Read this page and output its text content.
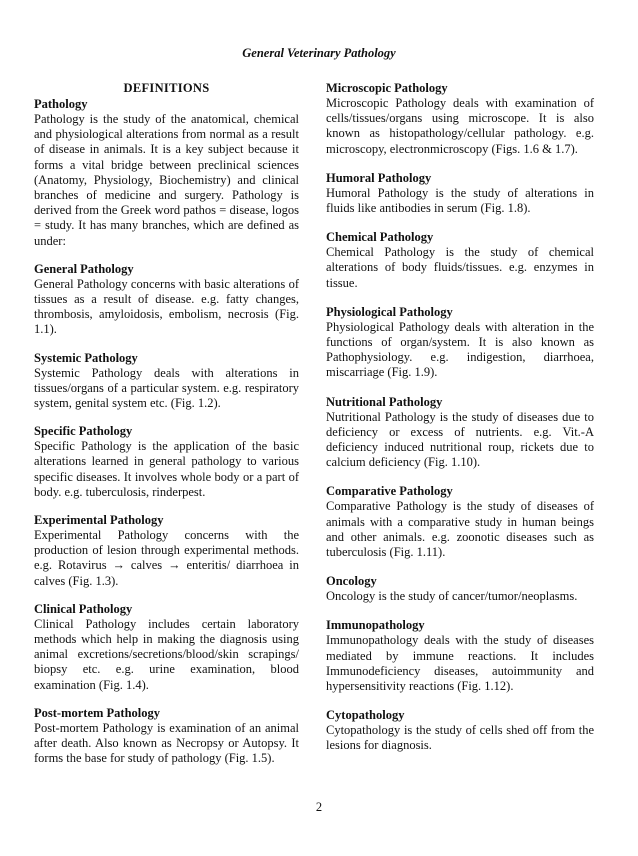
General Veterinary Pathology
DEFINITIONS
Pathology
Pathology is the study of the anatomical, chemical and physiological alterations from normal as a result of disease in animals. It is a key subject because it forms a vital bridge between preclinical sciences (Anatomy, Physiology, Biochemistry) and clinical branches of medicine and surgery. Pathology is derived from the Greek word pathos = disease, logos = study. It has many branches, which are defined as under:
General Pathology
General Pathology concerns with basic alterations of tissues as a result of disease. e.g. fatty changes, thrombosis, amyloidosis, embolism, necrosis (Fig. 1.1).
Systemic Pathology
Systemic Pathology deals with alterations in tissues/organs of a particular system. e.g. respiratory system, genital system etc. (Fig. 1.2).
Specific Pathology
Specific Pathology is the application of the basic alterations learned in general pathology to various specific diseases. It involves whole body or a part of body. e.g. tuberculosis, rinderpest.
Experimental Pathology
Experimental Pathology concerns with the production of lesion through experimental methods. e.g. Rotavirus → calves → enteritis/ diarrhoea in calves (Fig. 1.3).
Clinical Pathology
Clinical Pathology includes certain laboratory methods which help in making the diagnosis using animal excretions/secretions/blood/skin scrapings/ biopsy etc. e.g. urine examination, blood examination (Fig. 1.4).
Post-mortem Pathology
Post-mortem Pathology is examination of an animal after death. Also known as Necropsy or Autopsy. It forms the base for study of pathology (Fig. 1.5).
Microscopic Pathology
Microscopic Pathology deals with examination of cells/tissues/organs using microscope. It is also known as histopathology/cellular pathology. e.g. microscopy, electronmicroscopy (Figs. 1.6 & 1.7).
Humoral Pathology
Humoral Pathology is the study of alterations in fluids like antibodies in serum (Fig. 1.8).
Chemical Pathology
Chemical Pathology is the study of chemical alterations of body fluids/tissues. e.g. enzymes in tissue.
Physiological Pathology
Physiological Pathology deals with alteration in the functions of organ/system. It is also known as Pathophysiology. e.g. indigestion, diarrhoea, miscarriage (Fig. 1.9).
Nutritional Pathology
Nutritional Pathology is the study of diseases due to deficiency or excess of nutrients. e.g. Vit.-A deficiency induced nutritional roup, rickets due to calcium deficiency (Fig. 1.10).
Comparative Pathology
Comparative Pathology is the study of diseases of animals with a comparative study in human beings and other animals. e.g. zoonotic diseases such as tuberculosis (Fig. 1.11).
Oncology
Oncology is the study of cancer/tumor/neoplasms.
Immunopathology
Immunopathology deals with the study of diseases mediated by immune reactions. It includes Immunodeficiency diseases, autoimmunity and hypersensitivity reactions (Fig. 1.12).
Cytopathology
Cytopathology is the study of cells shed off from the lesions for diagnosis.
2
